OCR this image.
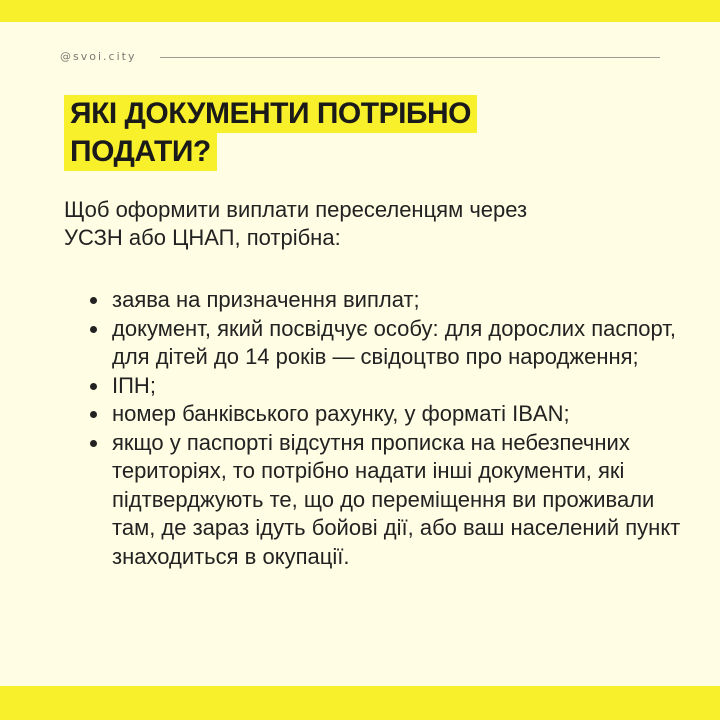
@svoi.city
ЯКІ ДОКУМЕНТИ ПОТРІБНО
ПОДАТИ?

Щоб оформити виплати переселенцям через
УСЗН або ЦНАП, потрібна:

заява на призначення виплат;
документ, який посвідчує особу: для дорослих паспорт, для дітей до 14 років — свідоцтво про народження;
ІПН;
номер банківського рахунку, у форматі IBAN;
якщо у паспорті відсутня прописка на небезпечних територіях, то потрібно надати інші документи, які підтверджують те, що до переміщення ви проживали там, де зараз ідуть бойові дії, або ваш населений пункт знаходиться в окупації.
